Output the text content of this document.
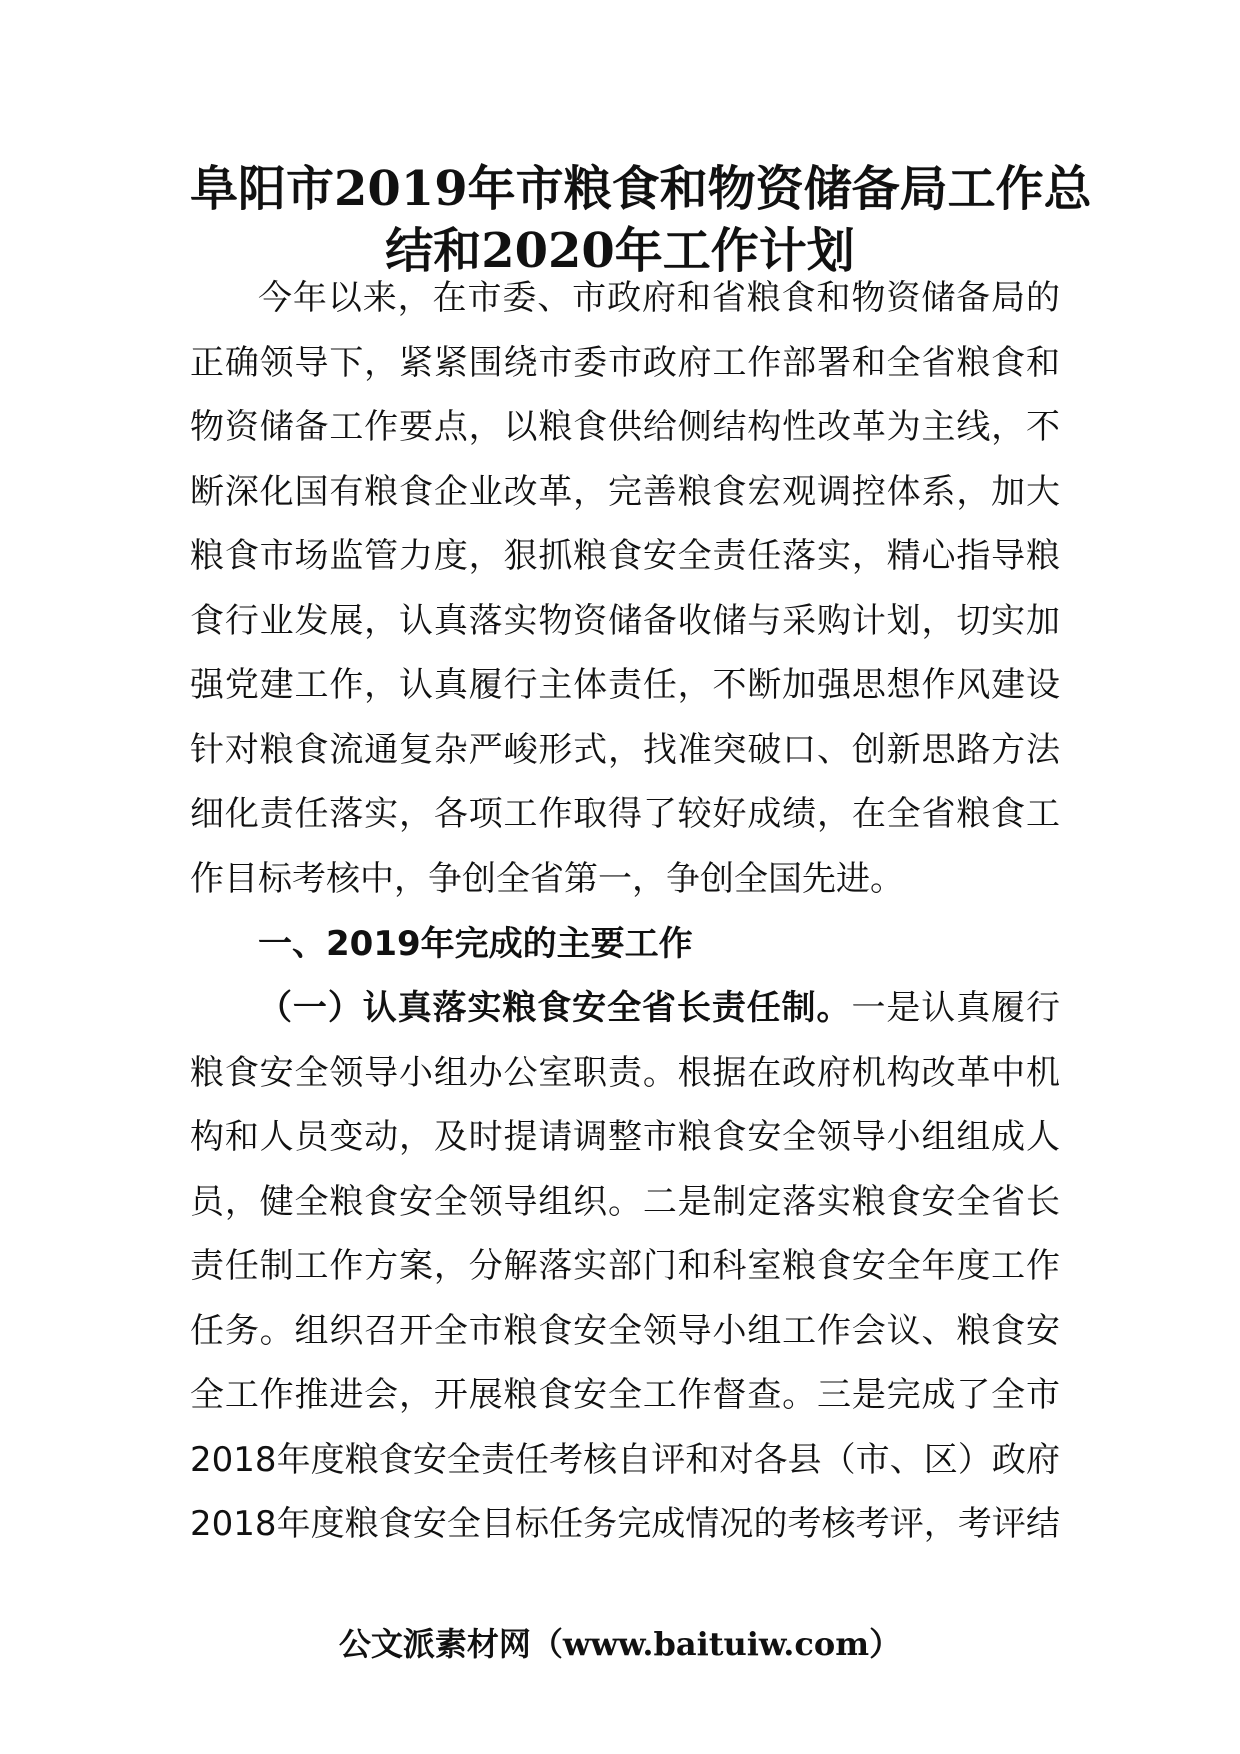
阜阳市2019年市粮食和物资储备局工作总
结和2020年工作计划
今年以来，在市委、市政府和省粮食和物资储备局的
正确领导下，紧紧围绕市委市政府工作部署和全省粮食和
物资储备工作要点，以粮食供给侧结构性改革为主线，不
断深化国有粮食企业改革，完善粮食宏观调控体系，加大
粮食市场监管力度，狠抓粮食安全责任落实，精心指导粮
食行业发展，认真落实物资储备收储与采购计划，切实加
强党建工作，认真履行主体责任，不断加强思想作风建设
针对粮食流通复杂严峻形式，找准突破口、创新思路方法
细化责任落实，各项工作取得了较好成绩，在全省粮食工
作目标考核中，争创全省第一，争创全国先进。
一、2019年完成的主要工作
（一）认真落实粮食安全省长责任制。一是认真履行
粮食安全领导小组办公室职责。根据在政府机构改革中机
构和人员变动，及时提请调整市粮食安全领导小组组成人
员，健全粮食安全领导组织。二是制定落实粮食安全省长
责任制工作方案，分解落实部门和科室粮食安全年度工作
任务。组织召开全市粮食安全领导小组工作会议、粮食安
全工作推进会，开展粮食安全工作督查。三是完成了全市
2018年度粮食安全责任考核自评和对各县（市、区）政府
2018年度粮食安全目标任务完成情况的考核考评，考评结
公文派素材网（www.baituiw.com）
